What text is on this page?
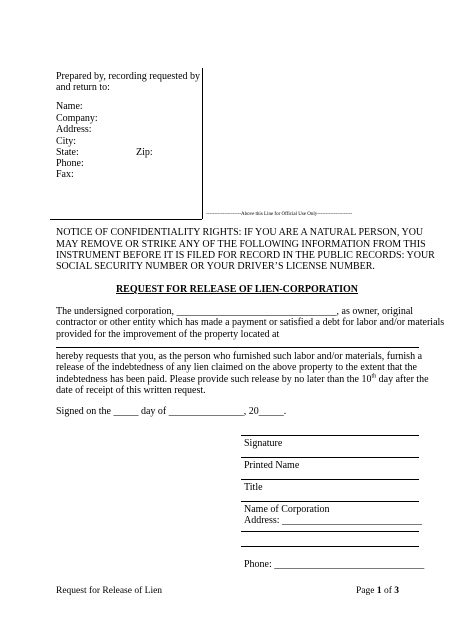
Prepared by, recording requested by
and return to:
Name:
Company:
Address:
City:
State:	Zip:
Phone:
Fax:
---------------------Above this Line for Official Use Only---------------------
NOTICE OF CONFIDENTIALITY RIGHTS: IF YOU ARE A NATURAL PERSON, YOU
MAY REMOVE OR STRIKE ANY OF THE FOLLOWING INFORMATION FROM THIS
INSTRUMENT BEFORE IT IS FILED FOR RECORD IN THE PUBLIC RECORDS: YOUR
SOCIAL SECURITY NUMBER OR YOUR DRIVER’S LICENSE NUMBER.
REQUEST FOR RELEASE OF LIEN-CORPORATION
The undersigned corporation, ________________________________, as owner, original
contractor or other entity which has made a payment or satisfied a debt for labor and/or materials
provided for the improvement of the property located at
hereby requests that you, as the person who furnished such labor and/or materials, furnish a
release of the indebtedness of any lien claimed on the above property to the extent that the
indebtedness has been paid. Please provide such release by no later than the 10th day after the
date of receipt of this written request.
Signed on the _____ day of _______________, 20_____.
Signature
Printed Name
Title
Name of Corporation
Address: ____________________________
Phone: ______________________________
Request for Release of Lien	Page 1 of 3
